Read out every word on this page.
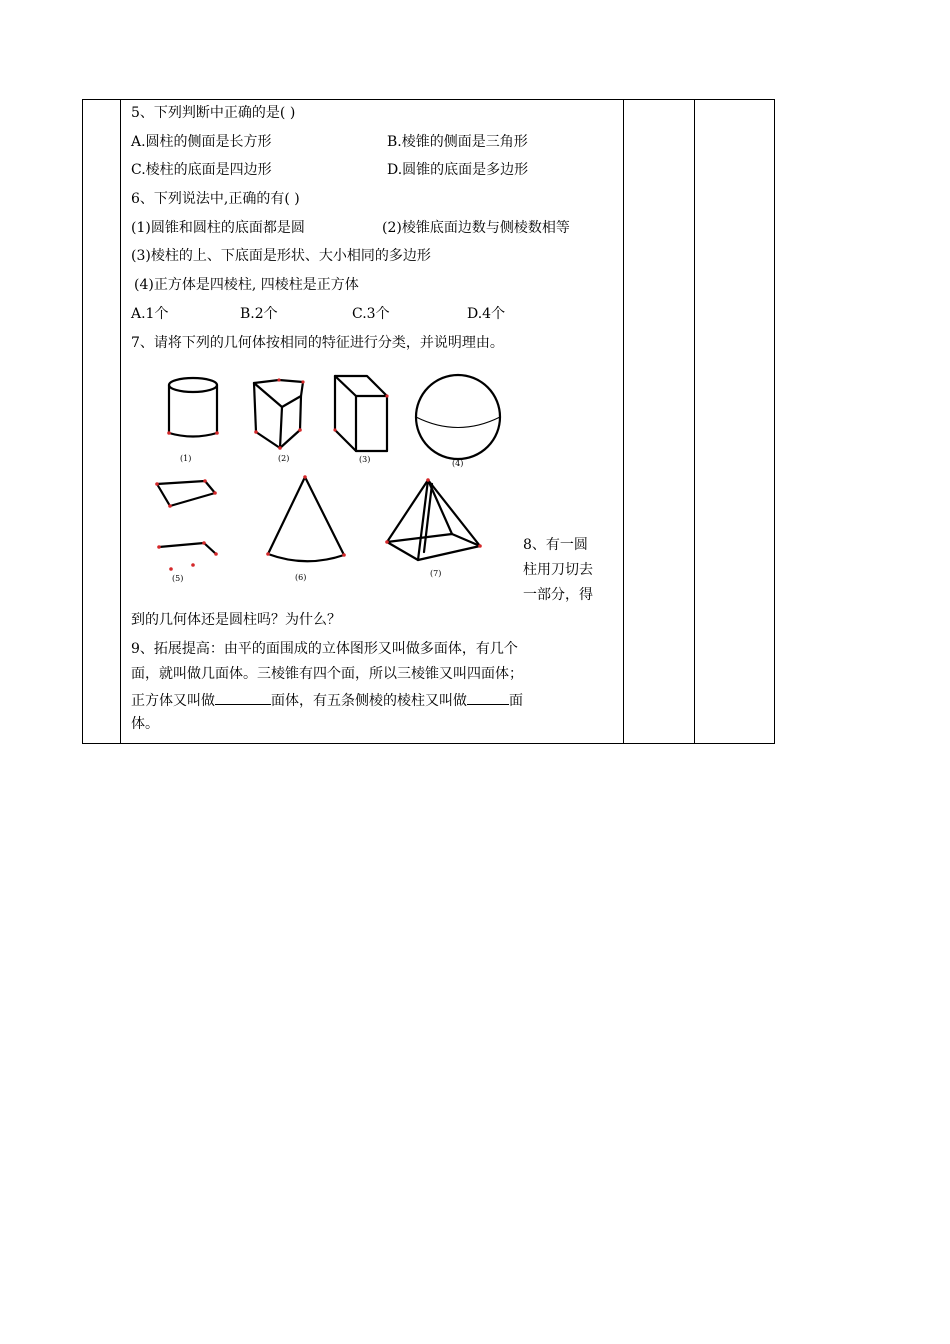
5、下列判断中正确的是( )
A.圆柱的侧面是长方形	B.棱锥的侧面是三角形
C.棱柱的底面是四边形	D.圆锥的底面是多边形
6、下列说法中,正确的有( )
(1)圆锥和圆柱的底面都是圆	(2)棱锥底面边数与侧棱数相等
(3)棱柱的上、下底面是形状、大小相同的多边形
(4)正方体是四棱柱, 四棱柱是正方体
A.1个	B.2个	C.3个	D.4个
7、请将下列的几何体按相同的特征进行分类，并说明理由。
(1)	(2)	(3)	(4)
(5)	(6)	(7)
8、有一圆
柱用刀切去
一部分，得
到的几何体还是圆柱吗？为什么？
9、拓展提高：由平的面围成的立体图形又叫做多面体，有几个
面，就叫做几面体。三棱锥有四个面，所以三棱锥又叫四面体；
正方体又叫做	面体，有五条侧棱的棱柱又叫做	面
体。
